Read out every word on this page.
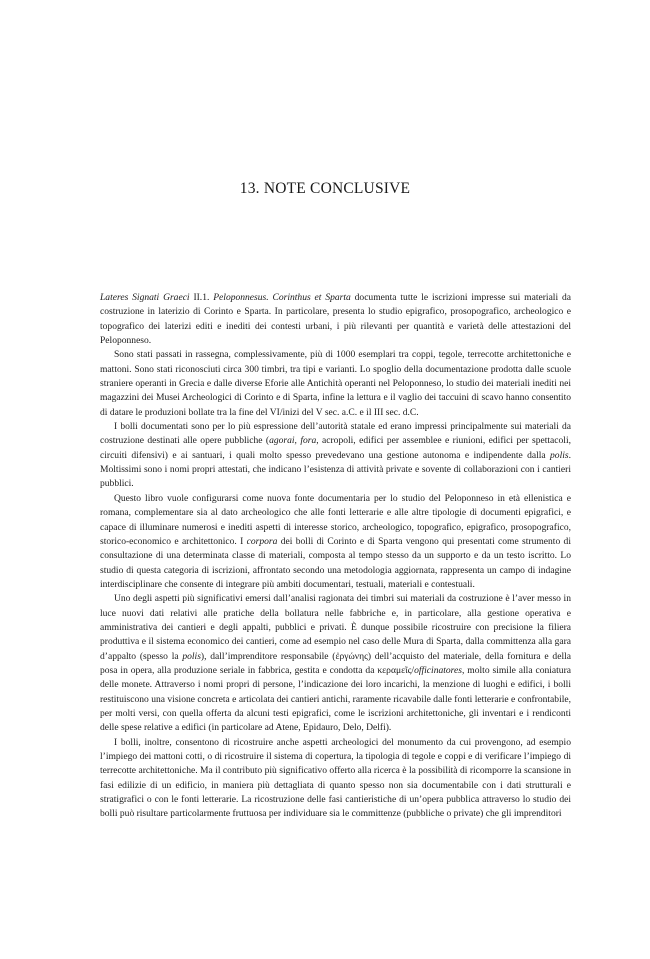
13. NOTE CONCLUSIVE

Lateres Signati Graeci II.1. Peloponnesus. Corinthus et Sparta documenta tutte le iscrizioni impresse sui materiali da costruzione in laterizio di Corinto e Sparta. In particolare, presenta lo studio epigrafico, prosopografico, archeologico e topografico dei laterizi editi e inediti dei contesti urbani, i più rilevanti per quantità e varietà delle attestazioni del Peloponneso.

Sono stati passati in rassegna, complessivamente, più di 1000 esemplari tra coppi, tegole, terrecotte architettoniche e mattoni. Sono stati riconosciuti circa 300 timbri, tra tipi e varianti. Lo spoglio della documentazione prodotta dalle scuole straniere operanti in Grecia e dalle diverse Eforie alle Antichità operanti nel Peloponneso, lo studio dei materiali inediti nei magazzini dei Musei Archeologici di Corinto e di Sparta, infine la lettura e il vaglio dei taccuini di scavo hanno consentito di datare le produzioni bollate tra la fine del VI/inizi del V sec. a.C. e il III sec. d.C.

I bolli documentati sono per lo più espressione dell’autorità statale ed erano impressi principalmente sui materiali da costruzione destinati alle opere pubbliche (agorai, fora, acropoli, edifici per assemblee e riunioni, edifici per spettacoli, circuiti difensivi) e ai santuari, i quali molto spesso prevedevano una gestione autonoma e indipendente dalla polis. Moltissimi sono i nomi propri attestati, che indicano l’esistenza di attività private e sovente di collaborazioni con i cantieri pubblici.

Questo libro vuole configurarsi come nuova fonte documentaria per lo studio del Peloponneso in età ellenistica e romana, complementare sia al dato archeologico che alle fonti letterarie e alle altre tipologie di documenti epigrafici, e capace di illuminare numerosi e inediti aspetti di interesse storico, archeologico, topografico, epigrafico, prosopografico, storico-economico e architettonico. I corpora dei bolli di Corinto e di Sparta vengono qui presentati come strumento di consultazione di una determinata classe di materiali, composta al tempo stesso da un supporto e da un testo iscritto. Lo studio di questa categoria di iscrizioni, affrontato secondo una metodologia aggiornata, rappresenta un campo di indagine interdisciplinare che consente di integrare più ambiti documentari, testuali, materiali e contestuali.

Uno degli aspetti più significativi emersi dall’analisi ragionata dei timbri sui materiali da costruzione è l’aver messo in luce nuovi dati relativi alle pratiche della bollatura nelle fabbriche e, in particolare, alla gestione operativa e amministrativa dei cantieri e degli appalti, pubblici e privati. È dunque possibile ricostruire con precisione la filiera produttiva e il sistema economico dei cantieri, come ad esempio nel caso delle Mura di Sparta, dalla committenza alla gara d’appalto (spesso la polis), dall’imprenditore responsabile (ἐργώνης) dell’acquisto del materiale, della fornitura e della posa in opera, alla produzione seriale in fabbrica, gestita e condotta da κεραμεῖς/officinatores, molto simile alla coniatura delle monete. Attraverso i nomi propri di persone, l’indicazione dei loro incarichi, la menzione di luoghi e edifici, i bolli restituiscono una visione concreta e articolata dei cantieri antichi, raramente ricavabile dalle fonti letterarie e confrontabile, per molti versi, con quella offerta da alcuni testi epigrafici, come le iscrizioni architettoniche, gli inventari e i rendiconti delle spese relative a edifici (in particolare ad Atene, Epidauro, Delo, Delfi).

I bolli, inoltre, consentono di ricostruire anche aspetti archeologici del monumento da cui provengono, ad esempio l’impiego dei mattoni cotti, o di ricostruire il sistema di copertura, la tipologia di tegole e coppi e di verificare l’impiego di terrecotte architettoniche. Ma il contributo più significativo offerto alla ricerca è la possibilità di ricomporre la scansione in fasi edilizie di un edificio, in maniera più dettagliata di quanto spesso non sia documentabile con i dati strutturali e stratigrafici o con le fonti letterarie. La ricostruzione delle fasi cantieristiche di un’opera pubblica attraverso lo studio dei bolli può risultare particolarmente fruttuosa per individuare sia le committenze (pubbliche o private) che gli imprenditori
